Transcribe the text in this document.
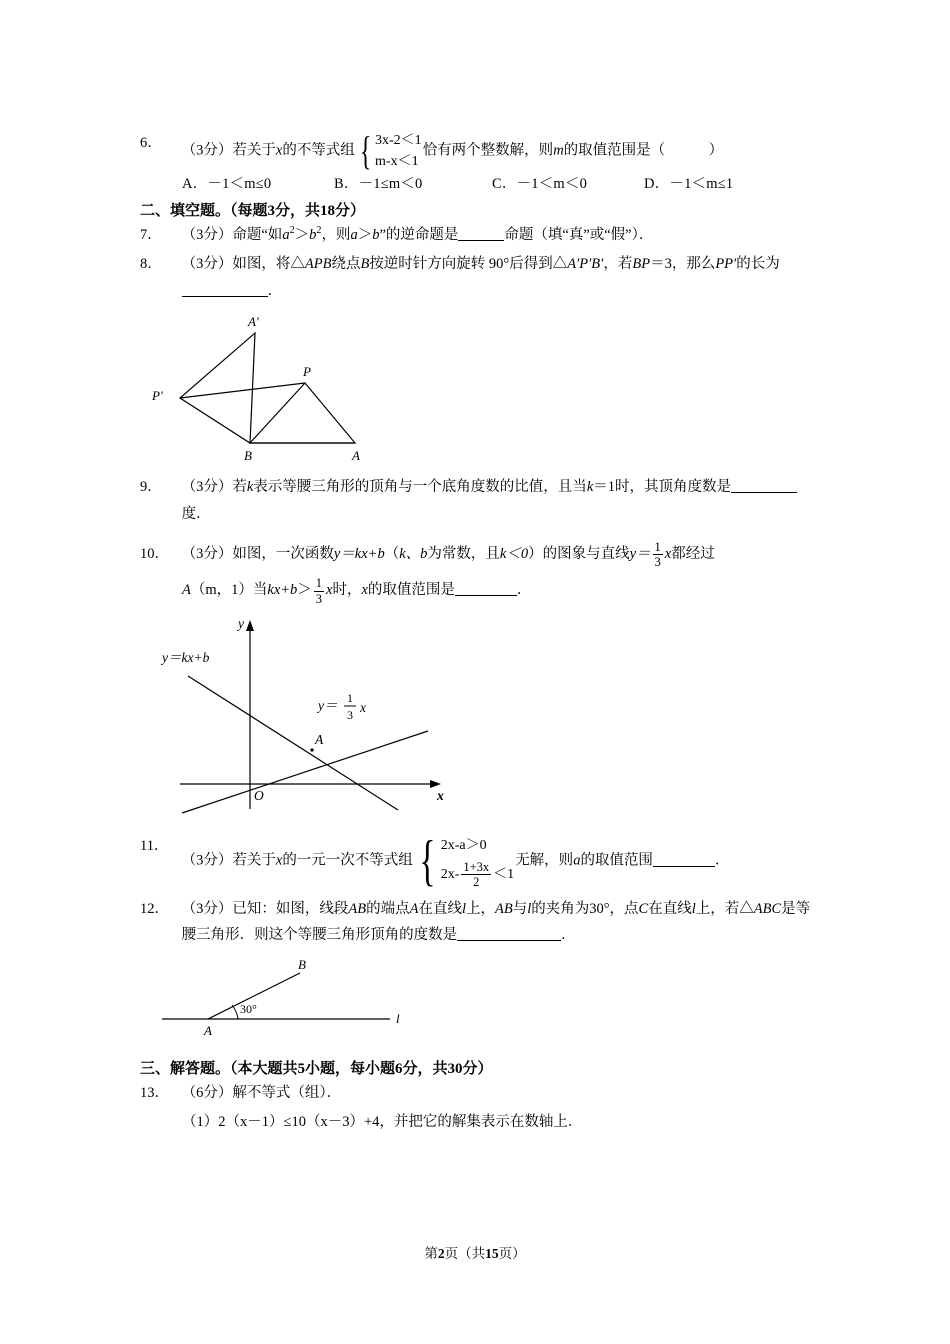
6． （3分）若关于x的不等式组 { 3x-2＜1
m-x＜1
恰有两个整数解，则m的取值范围是（　　　）
A．－1＜m≤0	B．－1≤m＜0	C．－1＜m＜0	D．－1＜m≤1
二、填空题。（每题3分，共18分）
7． （3分）命题“如$a^2>b^2$，则a＞b”的逆命题是	命题（填“真”或“假”）．
8． （3分）如图，将△APB绕点B按逆时针方向旋转 90°后得到△A′P′B′，若BP＝3，那么PP′的长为．
A′
P
P′
B	A
9． （3分）若k表示等腰三角形的顶角与一个底角度数的比值，且当k＝1时，其顶角度数是度．
10． （3分）如图，一次函数y＝kx+b（k、b为常数，且k＜0）的图象与直线$y= \frac{1}{3}$ x都经过
A（m，1）当$kx+b> \frac{1}{3}$ x时，x的取值范围是	．
y＝kx+b
y＝ 1
3 x
y
x
O
A
11． （3分）若关于x的一元一次不等式组 { 2x-a＞0
$2x- \frac{1+3x}{2} <1$
无解，则a的取值范围	．
12． （3分）已知：如图，线段AB的端点A在直线l上，AB与l的夹角为30°，点C在直线l上，若△ABC是等腰三角形．则这个等腰三角形顶角的度数是	．
B
30°
A
l
三、解答题。（本大题共5小题，每小题6分，共30分）
13． （6分）解不等式（组）．
（1）2（x－1）≤10（x－3）+4，并把它的解集表示在数轴上．
第2页（共15页）
